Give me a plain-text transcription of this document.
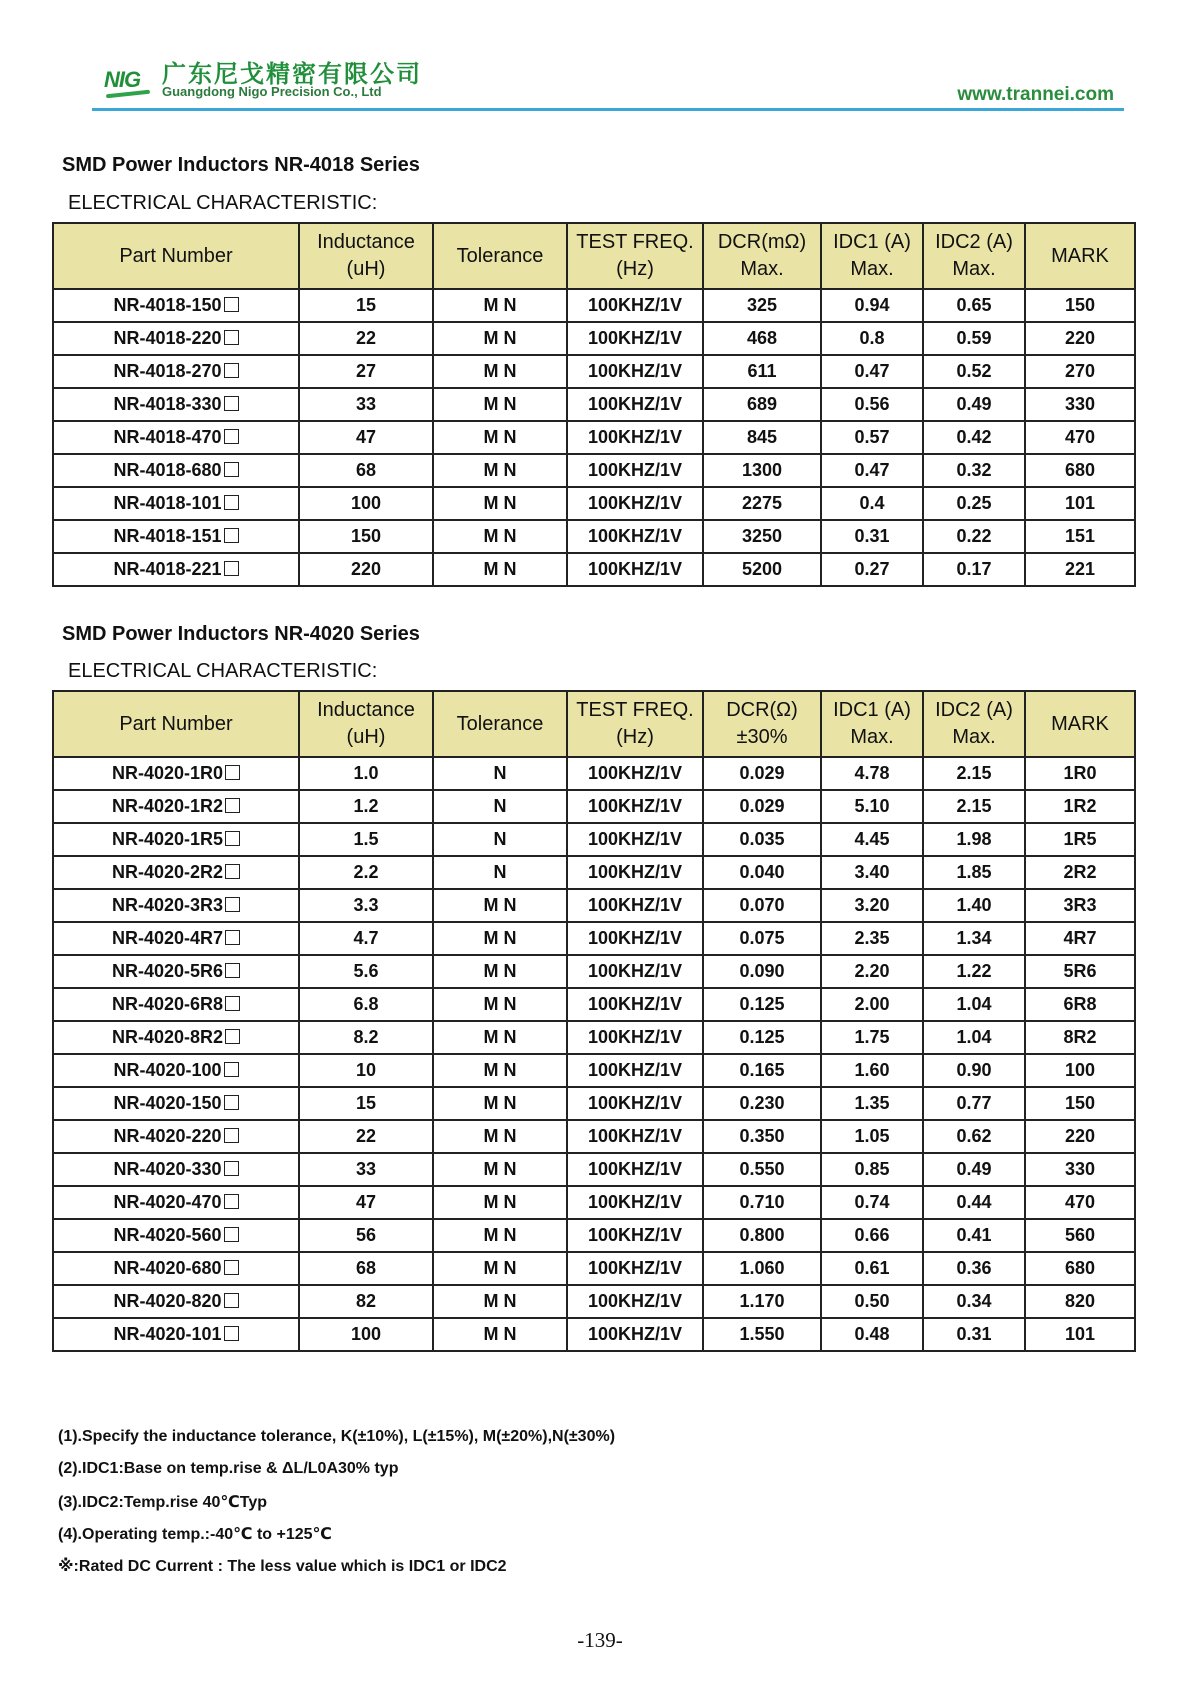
NIG 广东尼戈精密有限公司
Guangdong Nigo Precision Co., Ltd	www.trannei.com
SMD Power Inductors NR-4018 Series
ELECTRICAL CHARACTERISTIC:
Part Number	Inductance (uH)	Tolerance	TEST FREQ.(Hz)	DCR(mΩ) Max.	IDC1 (A) Max.	IDC2 (A) Max.	MARK
NR-4018-150	15	M N	100KHZ/1V	325	0.94	0.65	150
NR-4018-220	22	M N	100KHZ/1V	468	0.8	0.59	220
NR-4018-270	27	M N	100KHZ/1V	611	0.47	0.52	270
NR-4018-330	33	M N	100KHZ/1V	689	0.56	0.49	330
NR-4018-470	47	M N	100KHZ/1V	845	0.57	0.42	470
NR-4018-680	68	M N	100KHZ/1V	1300	0.47	0.32	680
NR-4018-101	100	M N	100KHZ/1V	2275	0.4	0.25	101
NR-4018-151	150	M N	100KHZ/1V	3250	0.31	0.22	151
NR-4018-221	220	M N	100KHZ/1V	5200	0.27	0.17	221
SMD Power Inductors NR-4020 Series
ELECTRICAL CHARACTERISTIC:
Part Number	Inductance (uH)	Tolerance	TEST FREQ.(Hz)	DCR(Ω) ±30%	IDC1 (A) Max.	IDC2 (A) Max.	MARK
NR-4020-1R0	1.0	N	100KHZ/1V	0.029	4.78	2.15	1R0
NR-4020-1R2	1.2	N	100KHZ/1V	0.029	5.10	2.15	1R2
NR-4020-1R5	1.5	N	100KHZ/1V	0.035	4.45	1.98	1R5
NR-4020-2R2	2.2	N	100KHZ/1V	0.040	3.40	1.85	2R2
NR-4020-3R3	3.3	M N	100KHZ/1V	0.070	3.20	1.40	3R3
NR-4020-4R7	4.7	M N	100KHZ/1V	0.075	2.35	1.34	4R7
NR-4020-5R6	5.6	M N	100KHZ/1V	0.090	2.20	1.22	5R6
NR-4020-6R8	6.8	M N	100KHZ/1V	0.125	2.00	1.04	6R8
NR-4020-8R2	8.2	M N	100KHZ/1V	0.125	1.75	1.04	8R2
NR-4020-100	10	M N	100KHZ/1V	0.165	1.60	0.90	100
NR-4020-150	15	M N	100KHZ/1V	0.230	1.35	0.77	150
NR-4020-220	22	M N	100KHZ/1V	0.350	1.05	0.62	220
NR-4020-330	33	M N	100KHZ/1V	0.550	0.85	0.49	330
NR-4020-470	47	M N	100KHZ/1V	0.710	0.74	0.44	470
NR-4020-560	56	M N	100KHZ/1V	0.800	0.66	0.41	560
NR-4020-680	68	M N	100KHZ/1V	1.060	0.61	0.36	680
NR-4020-820	82	M N	100KHZ/1V	1.170	0.50	0.34	820
NR-4020-101	100	M N	100KHZ/1V	1.550	0.48	0.31	101
(1).Specify the inductance tolerance, K(±10%), L(±15%), M(±20%),N(±30%)
(2).IDC1:Base on temp.rise & ΔL/L0A30% typ
(3).IDC2:Temp.rise 40℃Typ
(4).Operating temp.:-40℃ to +125℃
※:Rated DC Current : The less value which is IDC1 or IDC2
-139-
